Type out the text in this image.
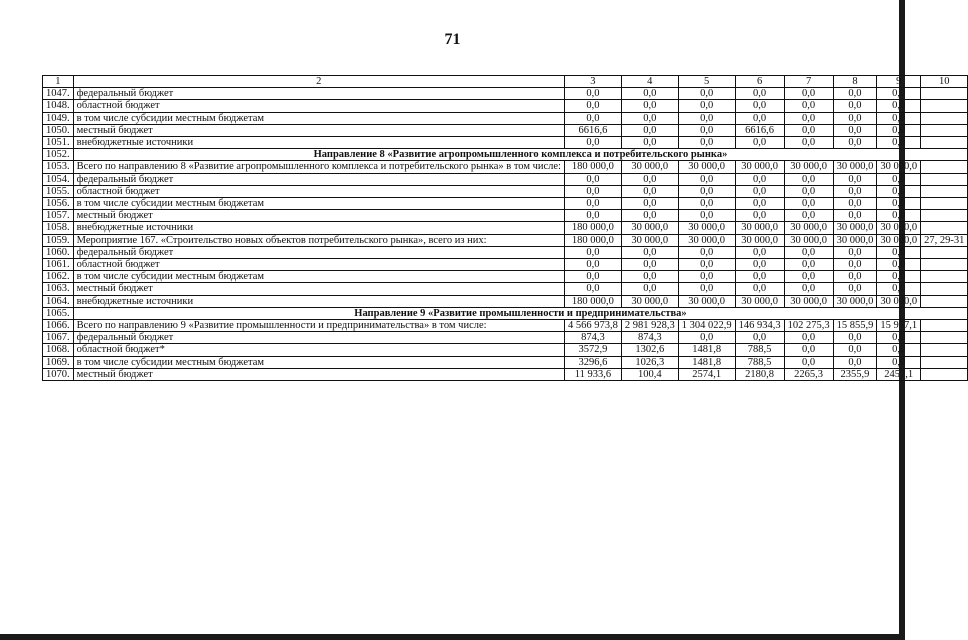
71
1	2	3	4	5	6	7	8	9	10
1047.	федеральный бюджет	0,0	0,0	0,0	0,0	0,0	0,0	0,0	
1048.	областной бюджет	0,0	0,0	0,0	0,0	0,0	0,0	0,0	
1049.	в том числе субсидии местным бюджетам	0,0	0,0	0,0	0,0	0,0	0,0	0,0	
1050.	местный бюджет	6616,6	0,0	0,0	6616,6	0,0	0,0	0,0	
1051.	внебюджетные источники	0,0	0,0	0,0	0,0	0,0	0,0	0,0	
1052.	Направление 8 «Развитие агропромышленного комплекса и потребительского рынка»								
1053.	Всего по направлению 8 «Развитие агропромышленного комплекса и потребительского рынка» в том числе:	180 000,0	30 000,0	30 000,0	30 000,0	30 000,0	30 000,0	30 000,0	
1054.	федеральный бюджет	0,0	0,0	0,0	0,0	0,0	0,0	0,0	
1055.	областной бюджет	0,0	0,0	0,0	0,0	0,0	0,0	0,0	
1056.	в том числе субсидии местным бюджетам	0,0	0,0	0,0	0,0	0,0	0,0	0,0	
1057.	местный бюджет	0,0	0,0	0,0	0,0	0,0	0,0	0,0	
1058.	внебюджетные источники	180 000,0	30 000,0	30 000,0	30 000,0	30 000,0	30 000,0	30 000,0	
1059.	Мероприятие 167. «Строительство новых объектов потребительского рынка», всего из них:	180 000,0	30 000,0	30 000,0	30 000,0	30 000,0	30 000,0	30 000,0	27, 29-31
1060.	федеральный бюджет	0,0	0,0	0,0	0,0	0,0	0,0	0,0	
1061.	областной бюджет	0,0	0,0	0,0	0,0	0,0	0,0	0,0	
1062.	в том числе субсидии местным бюджетам	0,0	0,0	0,0	0,0	0,0	0,0	0,0	
1063.	местный бюджет	0,0	0,0	0,0	0,0	0,0	0,0	0,0	
1064.	внебюджетные источники	180 000,0	30 000,0	30 000,0	30 000,0	30 000,0	30 000,0	30 000,0	
1065.	Направление 9 «Развитие промышленности и предпринимательства»								
1066.	Всего по направлению 9 «Развитие промышленности и предпринимательства» в том числе:	4 566 973,8	2 981 928,3	1 304 022,9	146 934,3	102 275,3	15 855,9	15 957,1	
1067.	федеральный бюджет	874,3	874,3	0,0	0,0	0,0	0,0	0,0	
1068.	областной бюджет*	3572,9	1302,6	1481,8	788,5	0,0	0,0	0,0	
1069.	в том числе субсидии местным бюджетам	3296,6	1026,3	1481,8	788,5	0,0	0,0	0,0	
1070.	местный бюджет	11 933,6	100,4	2574,1	2180,8	2265,3	2355,9	2457,1	
